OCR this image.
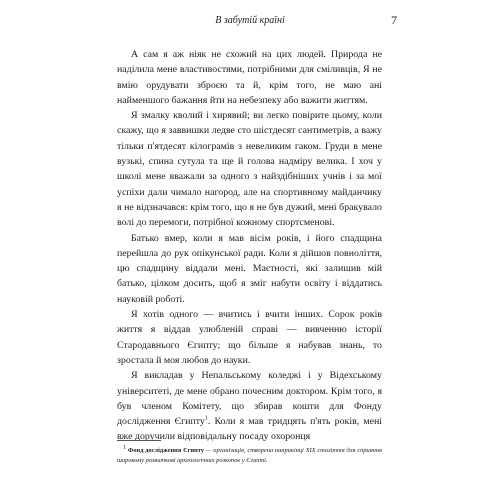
В забутій країні	7

А сам я аж ніяк не схожий на цих людей. Природа не наділила мене властивостями, потрібними для сміливців, Я не вмію орудувати зброєю та й, крім того, не маю ані найменшого бажання йти на небезпеку або важити життям.

Я змалку кволий і хирявий; ви легко повірите цьому, коли скажу, що я заввишки ледве сто шістдесят сантиметрів, а важу тільки п'ятдесят кілограмів з невеликим гаком. Груди в мене вузькі, спина сутула та ще й голова надміру велика. І хоч у школі мене вважали за одного з найздібніших учнів і за мої успіхи дали чималo нагород, але на спортивному майданчику я не відзначався: крім того, що я не був дужий, мені бракувало волі до перемоги, потрібної кожному спортсменові.

Батько вмер, коли я мав вісім років, і його спадщина перейшла до рук опікунської ради. Коли я дійшов повноліття, цю спадщину віддали мені. Маєтності, які залишив мій батько, цілком досить, щоб я зміг набути освіту і віддатись науковій роботі.

Я хотів одного — вчитись і вчити інших. Сорок років життя я віддав улюбленій справі — вивченню історії Стародавнього Єгипту; що більше я набував знань, то зростала й моя любов до науки.

Я викладав у Непальському коледжі і у Відехському університеті, де мене обрано почесним доктором. Крім того, я був членом Комітету, що збирав кошти для Фонду дослідження Єгипту$^1$. Коли я мав тридцять п'ять років, мені вже доручили відповідальну посаду охоронця

1 Фонд дослідження Єгипту — організація, створена наприкінці XIX століття для сприяння широкому розвиткові археологічних розкопок у Єгипті.
